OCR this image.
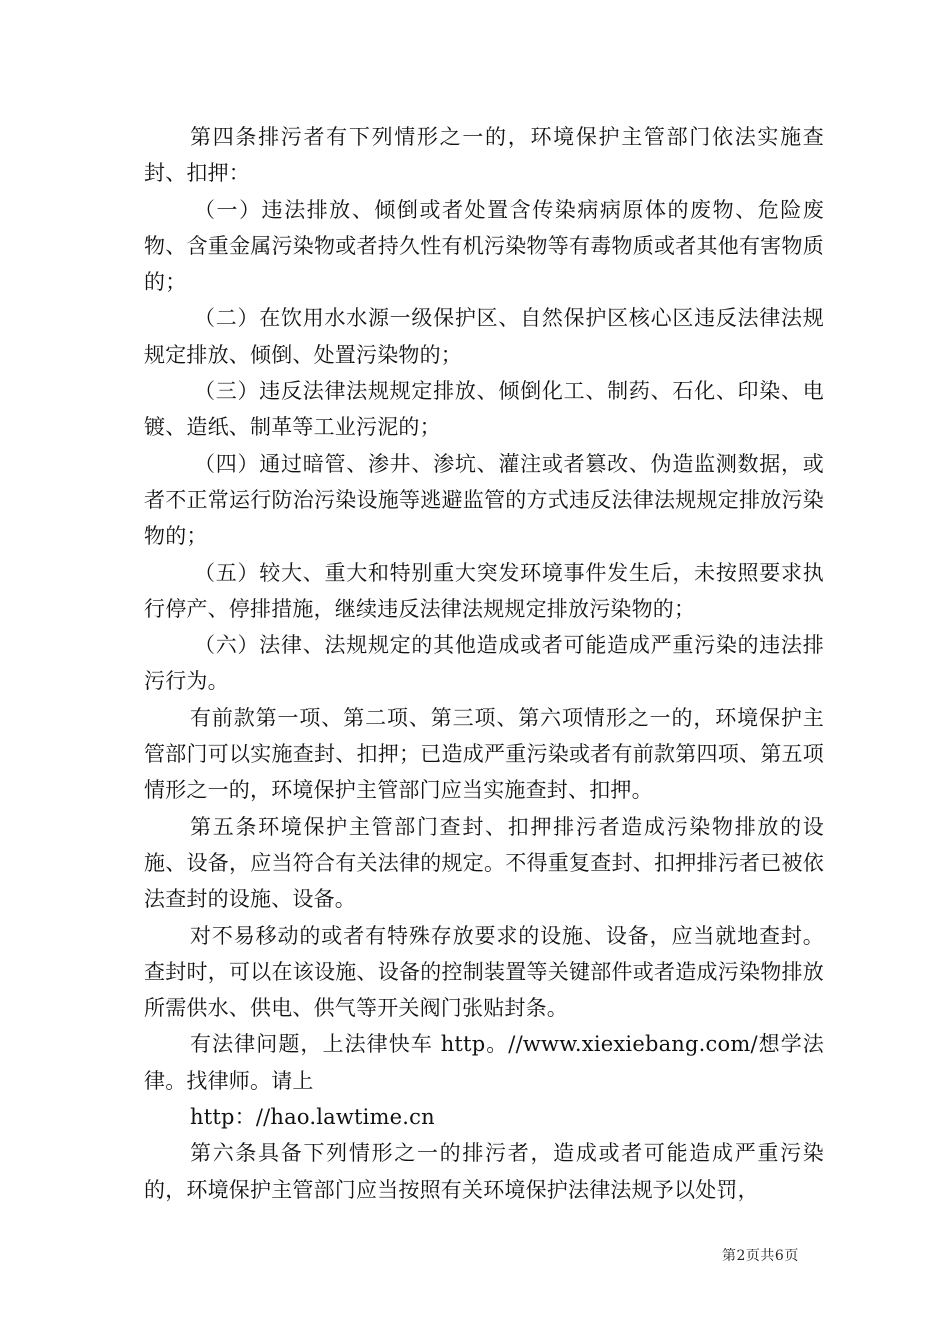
第四条排污者有下列情形之一的，环境保护主管部门依法实施查封、扣押：

（一）违法排放、倾倒或者处置含传染病病原体的废物、危险废物、含重金属污染物或者持久性有机污染物等有毒物质或者其他有害物质的；

（二）在饮用水水源一级保护区、自然保护区核心区违反法律法规规定排放、倾倒、处置污染物的；

（三）违反法律法规规定排放、倾倒化工、制药、石化、印染、电镀、造纸、制革等工业污泥的；

（四）通过暗管、渗井、渗坑、灌注或者篡改、伪造监测数据，或者不正常运行防治污染设施等逃避监管的方式违反法律法规规定排放污染物的；

（五）较大、重大和特别重大突发环境事件发生后，未按照要求执行停产、停排措施，继续违反法律法规规定排放污染物的；

（六）法律、法规规定的其他造成或者可能造成严重污染的违法排污行为。

有前款第一项、第二项、第三项、第六项情形之一的，环境保护主管部门可以实施查封、扣押；已造成严重污染或者有前款第四项、第五项情形之一的，环境保护主管部门应当实施查封、扣押。

第五条环境保护主管部门查封、扣押排污者造成污染物排放的设施、设备，应当符合有关法律的规定。不得重复查封、扣押排污者已被依法查封的设施、设备。

对不易移动的或者有特殊存放要求的设施、设备，应当就地查封。查封时，可以在该设施、设备的控制装置等关键部件或者造成污染物排放所需供水、供电、供气等开关阀门张贴封条。

有法律问题，上法律快车 http。//www.xiexiebang.com/想学法律。找律师。请上

http：//hao.lawtime.cn

第六条具备下列情形之一的排污者，造成或者可能造成严重污染的，环境保护主管部门应当按照有关环境保护法律法规予以处罚，

第2页共6页
